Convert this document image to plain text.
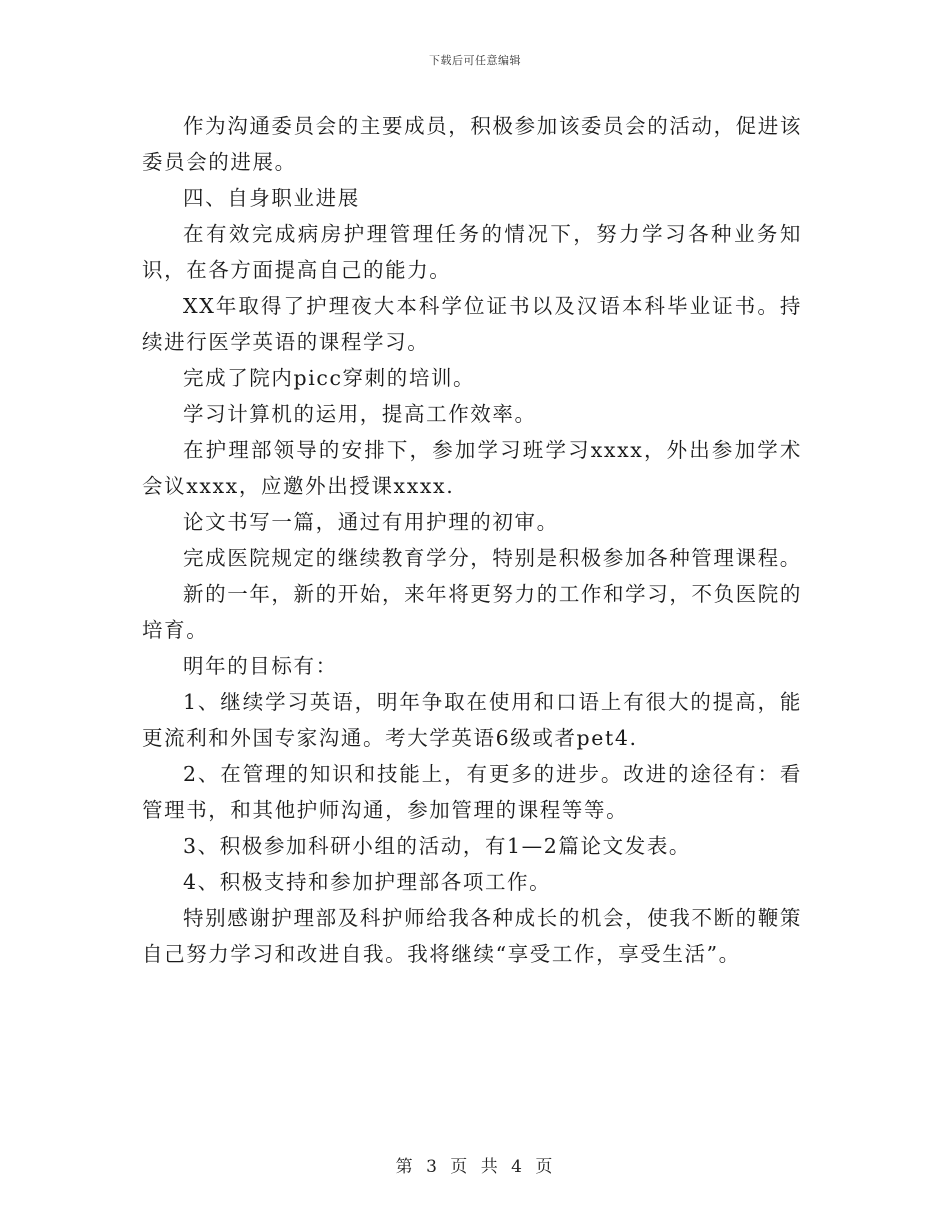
下载后可任意编辑

作为沟通委员会的主要成员，积极参加该委员会的活动，促进该委员会的进展。

四、自身职业进展

在有效完成病房护理管理任务的情况下，努力学习各种业务知识，在各方面提高自己的能力。

XX年取得了护理夜大本科学位证书以及汉语本科毕业证书。持续进行医学英语的课程学习。

完成了院内picc穿刺的培训。

学习计算机的运用，提高工作效率。

在护理部领导的安排下，参加学习班学习xxxx，外出参加学术会议xxxx，应邀外出授课xxxx.

论文书写一篇，通过有用护理的初审。

完成医院规定的继续教育学分，特别是积极参加各种管理课程。

新的一年，新的开始，来年将更努力的工作和学习，不负医院的培育。

明年的目标有：

1、继续学习英语，明年争取在使用和口语上有很大的提高，能更流利和外国专家沟通。考大学英语6级或者pet4.

2、在管理的知识和技能上，有更多的进步。改进的途径有：看管理书，和其他护师沟通，参加管理的课程等等。

3、积极参加科研小组的活动，有1—2篇论文发表。

4、积极支持和参加护理部各项工作。

特别感谢护理部及科护师给我各种成长的机会，使我不断的鞭策自己努力学习和改进自我。我将继续“享受工作，享受生活”。

第 3 页 共 4 页
